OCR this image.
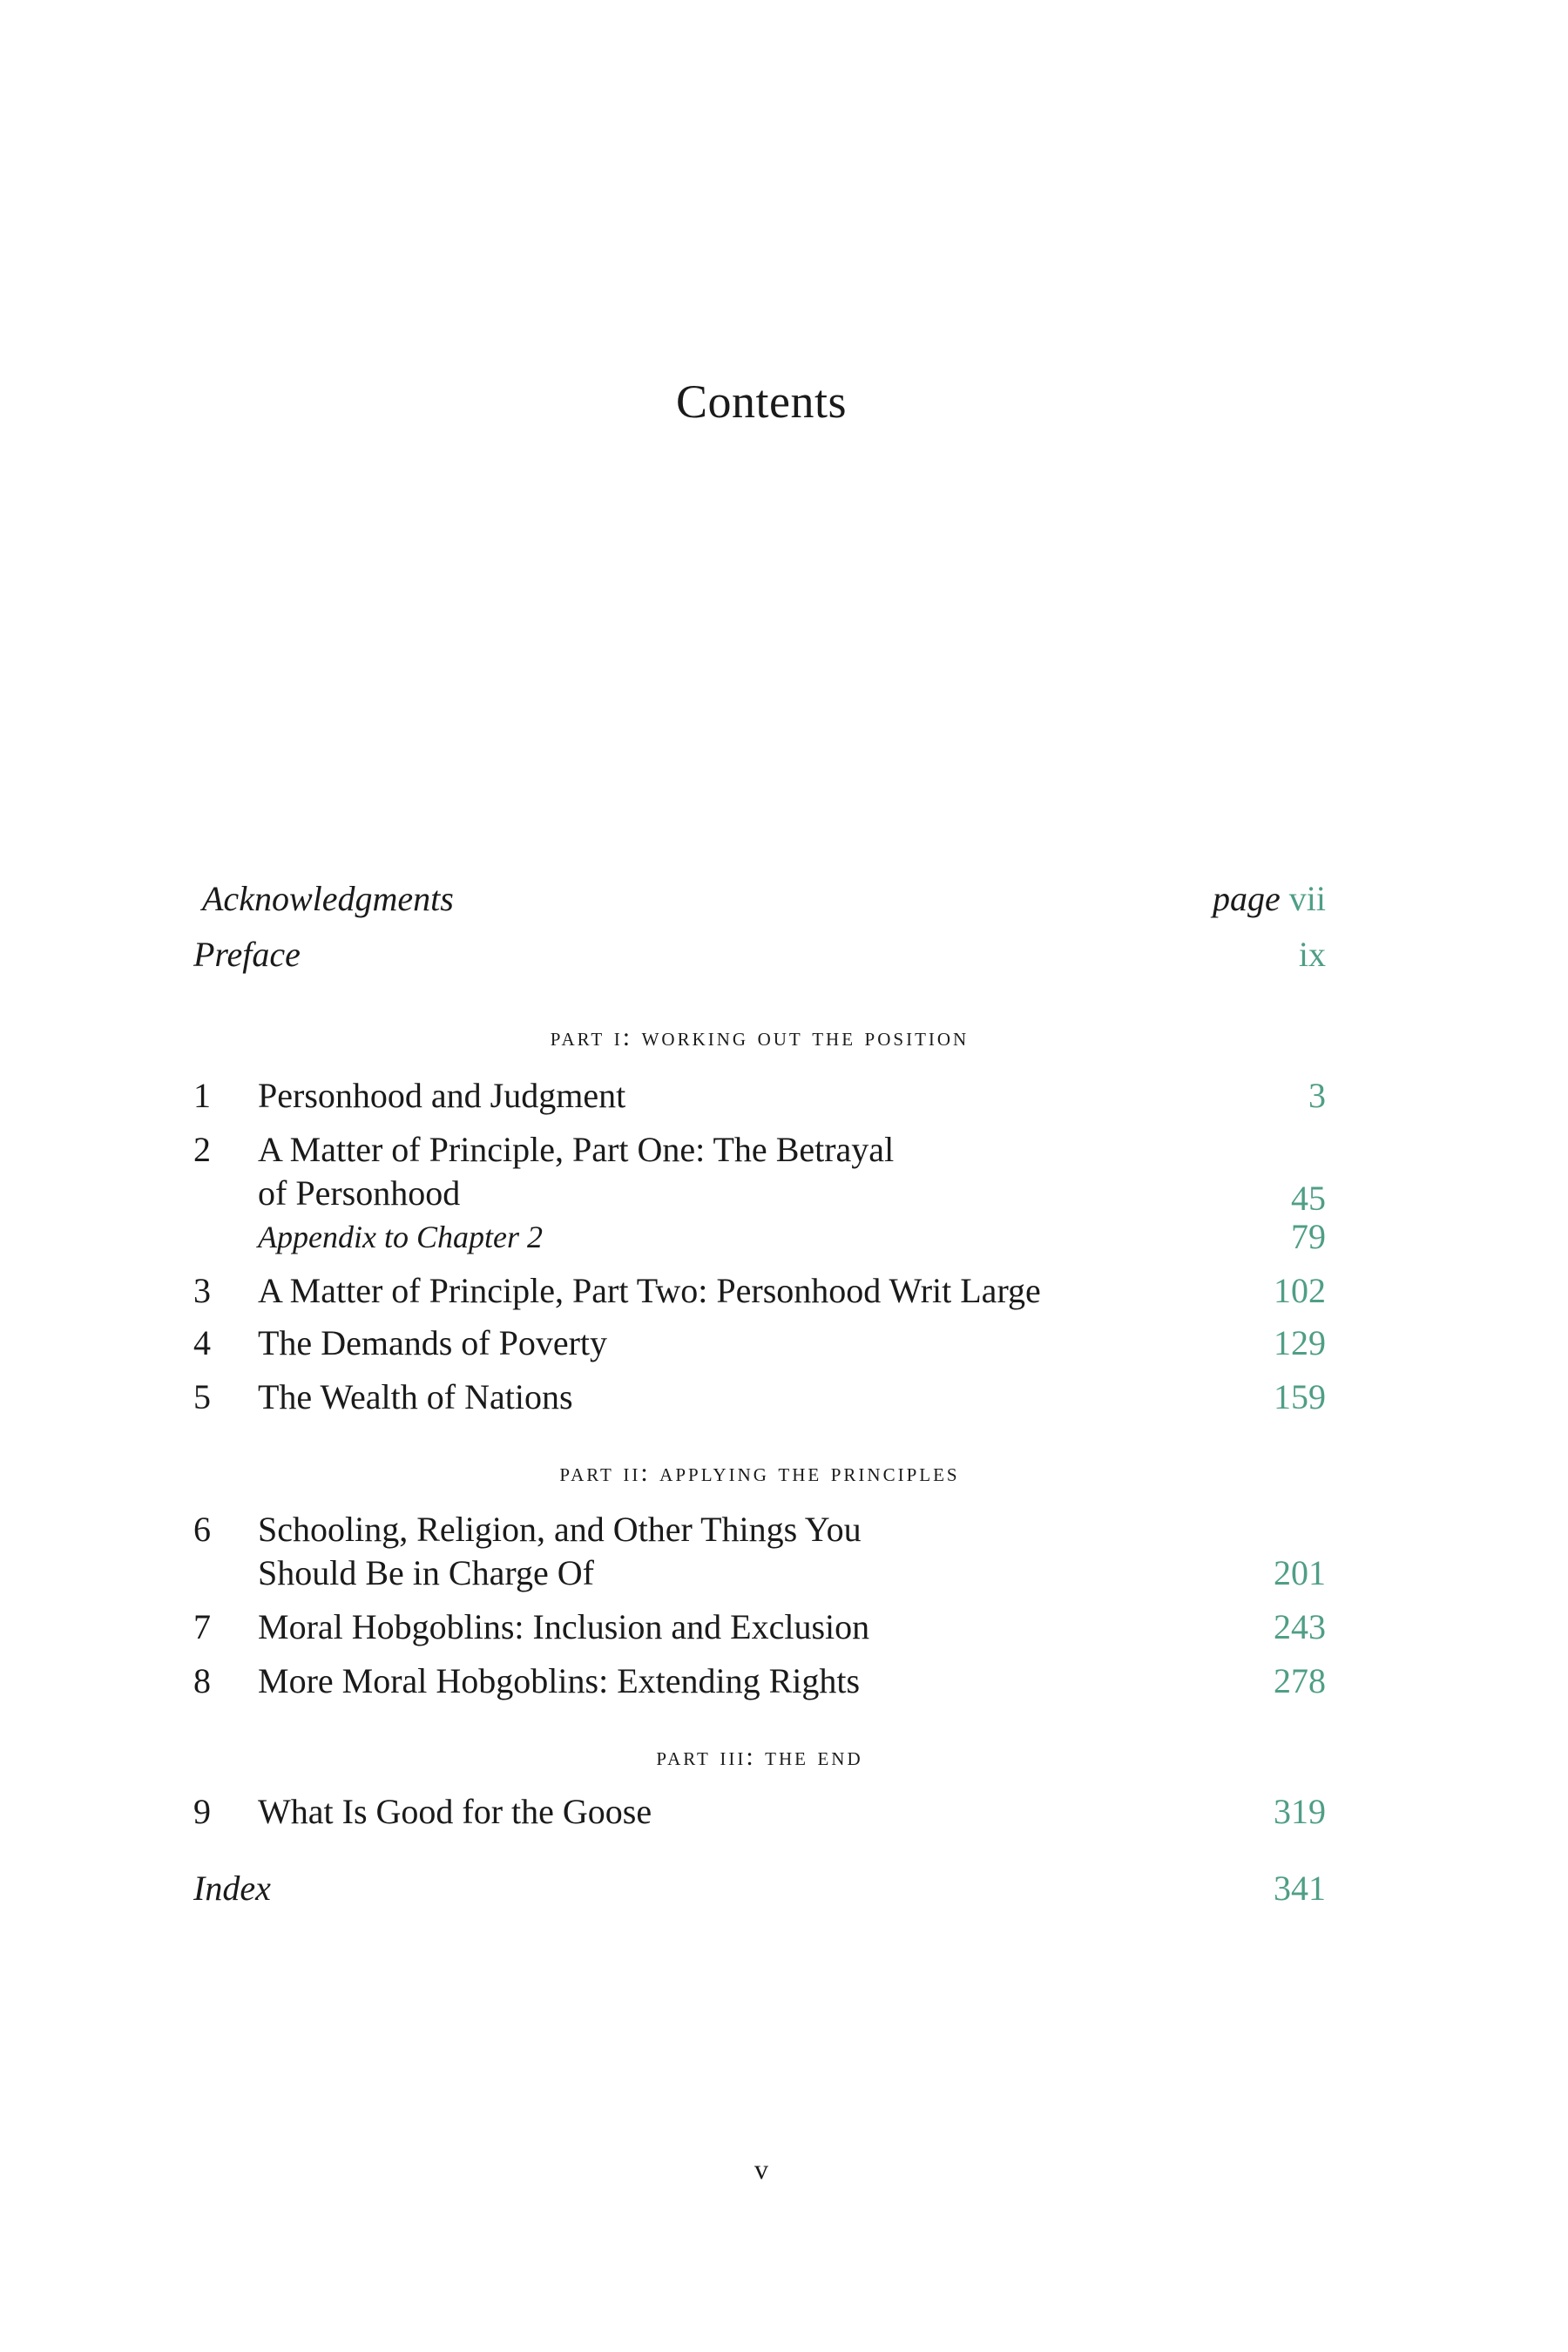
Contents
Acknowledgments	page vii
Preface	ix
part i: working out the position
1	Personhood and Judgment	3
2	A Matter of Principle, Part One: The Betrayal
of Personhood	45
Appendix to Chapter 2	79
3	A Matter of Principle, Part Two: Personhood Writ Large	102
4	The Demands of Poverty	129
5	The Wealth of Nations	159
part ii: applying the principles
6	Schooling, Religion, and Other Things You
Should Be in Charge Of	201
7	Moral Hobgoblins: Inclusion and Exclusion	243
8	More Moral Hobgoblins: Extending Rights	278
part iii: the end
9	What Is Good for the Goose	319
Index	341
v
